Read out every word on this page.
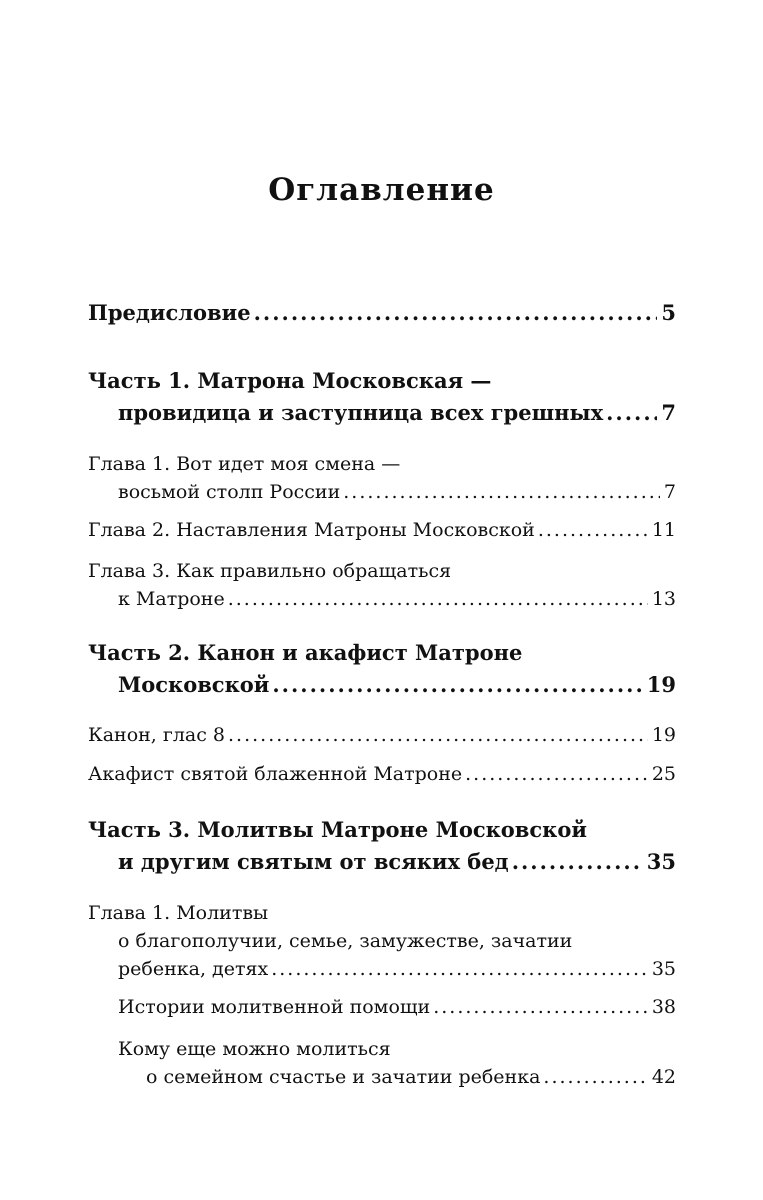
Оглавление
Предисловие .....	5
Часть 1. Матрона Московская —
провидица и заступница всех грешных .....	7
Глава 1. Вот идет моя смена —
восьмой столп России .....	7
Глава 2. Наставления Матроны Московской .....	11
Глава 3. Как правильно обращаться
к Матроне .....	13
Часть 2. Канон и акафист Матроне
Московской .....	19
Канон, глас 8 .....	19
Акафист святой блаженной Матроне .....	25
Часть 3. Молитвы Матроне Московской
и другим святым от всяких бед .....	35
Глава 1. Молитвы
о благополучии, семье, замужестве, зачатии
ребенка, детях .....	35
Истории молитвенной помощи .....	38
Кому еще можно молиться
о семейном счастье и зачатии ребенка .....	42
